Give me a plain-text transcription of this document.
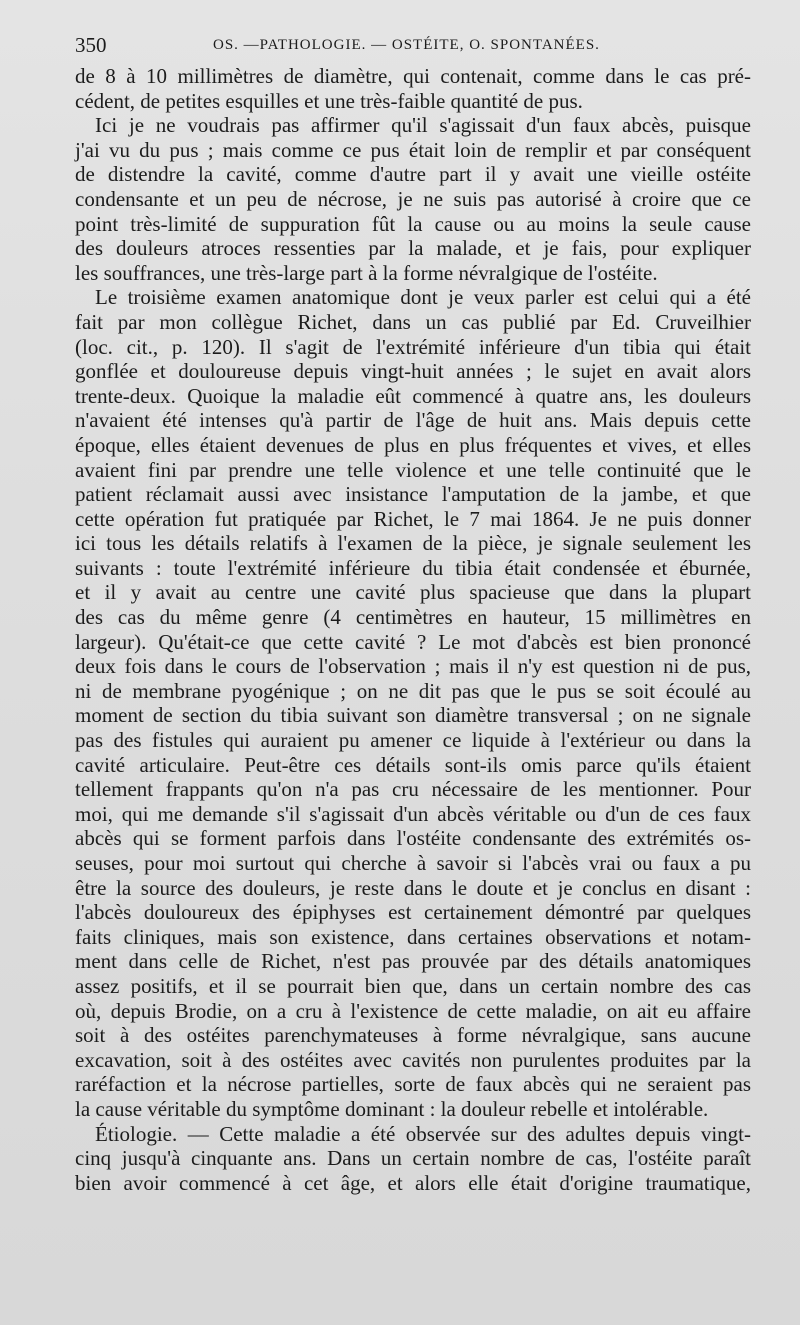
350	OS. —PATHOLOGIE. — OSTÉITE, O. SPONTANÉES.
de 8 à 10 millimètres de diamètre, qui contenait, comme dans le cas pré-
cédent, de petites esquilles et une très-faible quantité de pus.
Ici je ne voudrais pas affirmer qu'il s'agissait d'un faux abcès, puisque
j'ai vu du pus ; mais comme ce pus était loin de remplir et par conséquent
de distendre la cavité, comme d'autre part il y avait une vieille ostéite
condensante et un peu de nécrose, je ne suis pas autorisé à croire que ce
point très-limité de suppuration fût la cause ou au moins la seule cause
des douleurs atroces ressenties par la malade, et je fais, pour expliquer
les souffrances, une très-large part à la forme névralgique de l'ostéite.
Le troisième examen anatomique dont je veux parler est celui qui a été
fait par mon collègue Richet, dans un cas publié par Ed. Cruveilhier
(loc. cit., p. 120). Il s'agit de l'extrémité inférieure d'un tibia qui était
gonflée et douloureuse depuis vingt-huit années ; le sujet en avait alors
trente-deux. Quoique la maladie eût commencé à quatre ans, les douleurs
n'avaient été intenses qu'à partir de l'âge de huit ans. Mais depuis cette
époque, elles étaient devenues de plus en plus fréquentes et vives, et elles
avaient fini par prendre une telle violence et une telle continuité que le
patient réclamait aussi avec insistance l'amputation de la jambe, et que
cette opération fut pratiquée par Richet, le 7 mai 1864. Je ne puis donner
ici tous les détails relatifs à l'examen de la pièce, je signale seulement les
suivants : toute l'extrémité inférieure du tibia était condensée et éburnée,
et il y avait au centre une cavité plus spacieuse que dans la plupart
des cas du même genre (4 centimètres en hauteur, 15 millimètres en
largeur). Qu'était-ce que cette cavité ? Le mot d'abcès est bien prononcé
deux fois dans le cours de l'observation ; mais il n'y est question ni de pus,
ni de membrane pyogénique ; on ne dit pas que le pus se soit écoulé au
moment de section du tibia suivant son diamètre transversal ; on ne signale
pas des fistules qui auraient pu amener ce liquide à l'extérieur ou dans la
cavité articulaire. Peut-être ces détails sont-ils omis parce qu'ils étaient
tellement frappants qu'on n'a pas cru nécessaire de les mentionner. Pour
moi, qui me demande s'il s'agissait d'un abcès véritable ou d'un de ces faux
abcès qui se forment parfois dans l'ostéite condensante des extrémités os-
seuses, pour moi surtout qui cherche à savoir si l'abcès vrai ou faux a pu
être la source des douleurs, je reste dans le doute et je conclus en disant :
l'abcès douloureux des épiphyses est certainement démontré par quelques
faits cliniques, mais son existence, dans certaines observations et notam-
ment dans celle de Richet, n'est pas prouvée par des détails anatomiques
assez positifs, et il se pourrait bien que, dans un certain nombre des cas
où, depuis Brodie, on a cru à l'existence de cette maladie, on ait eu affaire
soit à des ostéites parenchymateuses à forme névralgique, sans aucune
excavation, soit à des ostéites avec cavités non purulentes produites par la
raréfaction et la nécrose partielles, sorte de faux abcès qui ne seraient pas
la cause véritable du symptôme dominant : la douleur rebelle et intolérable.
Étiologie. — Cette maladie a été observée sur des adultes depuis vingt-
cinq jusqu'à cinquante ans. Dans un certain nombre de cas, l'ostéite paraît
bien avoir commencé à cet âge, et alors elle était d'origine traumatique,
